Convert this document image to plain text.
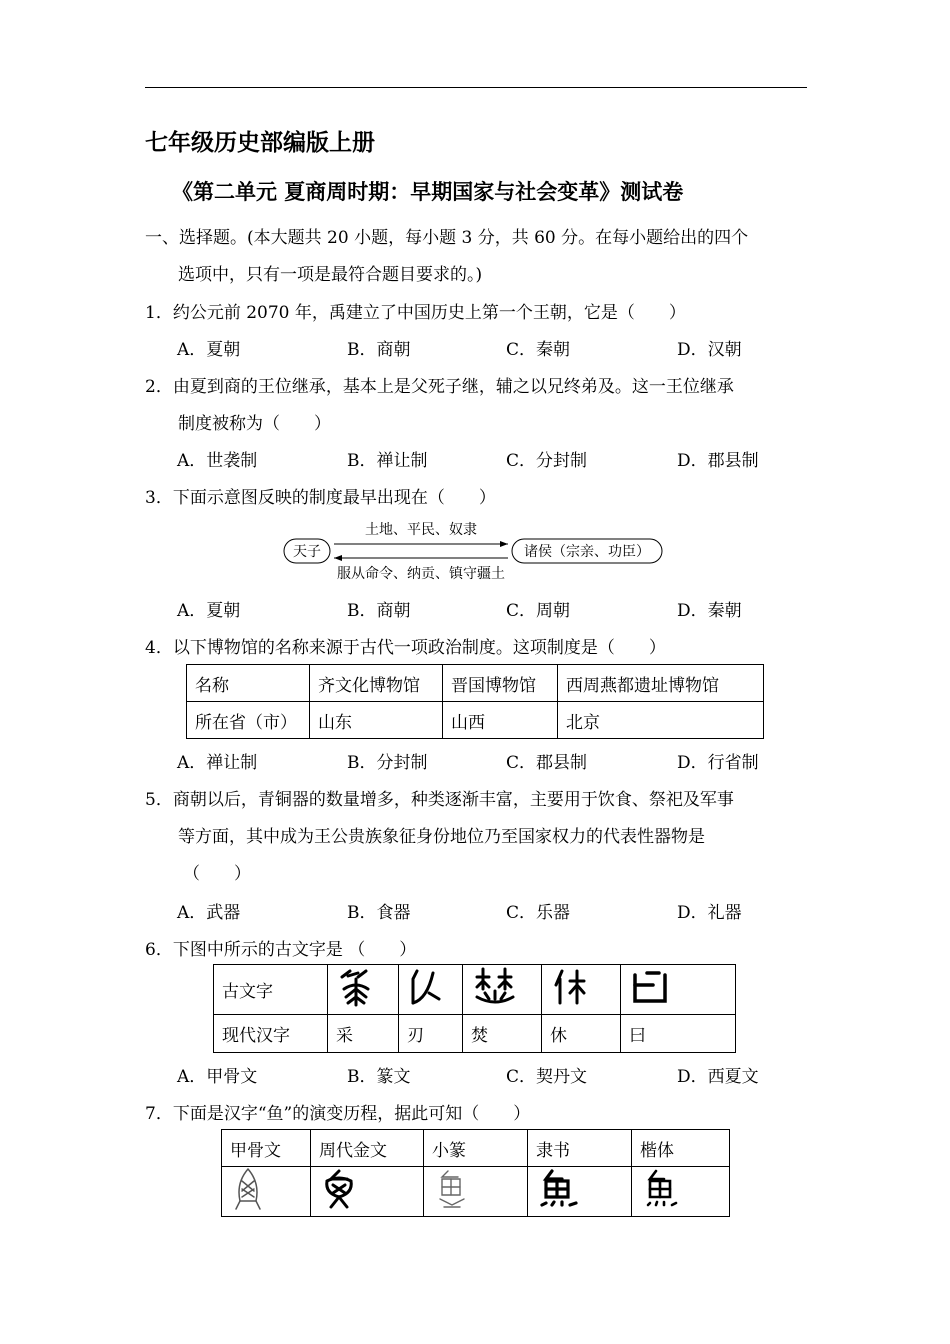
七年级历史部编版上册
《第二单元 夏商周时期：早期国家与社会变革》测试卷
一、选择题。(本大题共 20 小题，每小题 3 分，共 60 分。在每小题给出的四个
选项中，只有一项是最符合题目要求的。)
1．约公元前 2070 年，禹建立了中国历史上第一个王朝，它是（　　）
A．夏朝	B．商朝	C．秦朝	D．汉朝
2．由夏到商的王位继承，基本上是父死子继，辅之以兄终弟及。这一王位继承
制度被称为（　　）
A．世袭制	B．禅让制	C．分封制	D．郡县制
3．下面示意图反映的制度最早出现在（　　）
天子	诸侯（宗亲、功臣）
土地、平民、奴隶
服从命令、纳贡、镇守疆土
A．夏朝	B．商朝	C．周朝	D．秦朝
4．以下博物馆的名称来源于古代一项政治制度。这项制度是（　　）
名称	齐文化博物馆	晋国博物馆	西周燕都遗址博物馆
所在省（市）	山东	山西	北京
A．禅让制	B．分封制	C．郡县制	D．行省制
5．商朝以后，青铜器的数量增多，种类逐渐丰富，主要用于饮食、祭祀及军事
等方面，其中成为王公贵族象征身份地位乃至国家权力的代表性器物是
（　　）
A．武器	B．食器	C．乐器	D．礼器
6．下图中所示的古文字是 （　　）
古文字					
现代汉字	采	刃	焚	休	曰
A．甲骨文	B．篆文	C．契丹文	D．西夏文
7．下面是汉字“鱼”的演变历程，据此可知（　　）
甲骨文	周代金文	小篆	隶书	楷体
